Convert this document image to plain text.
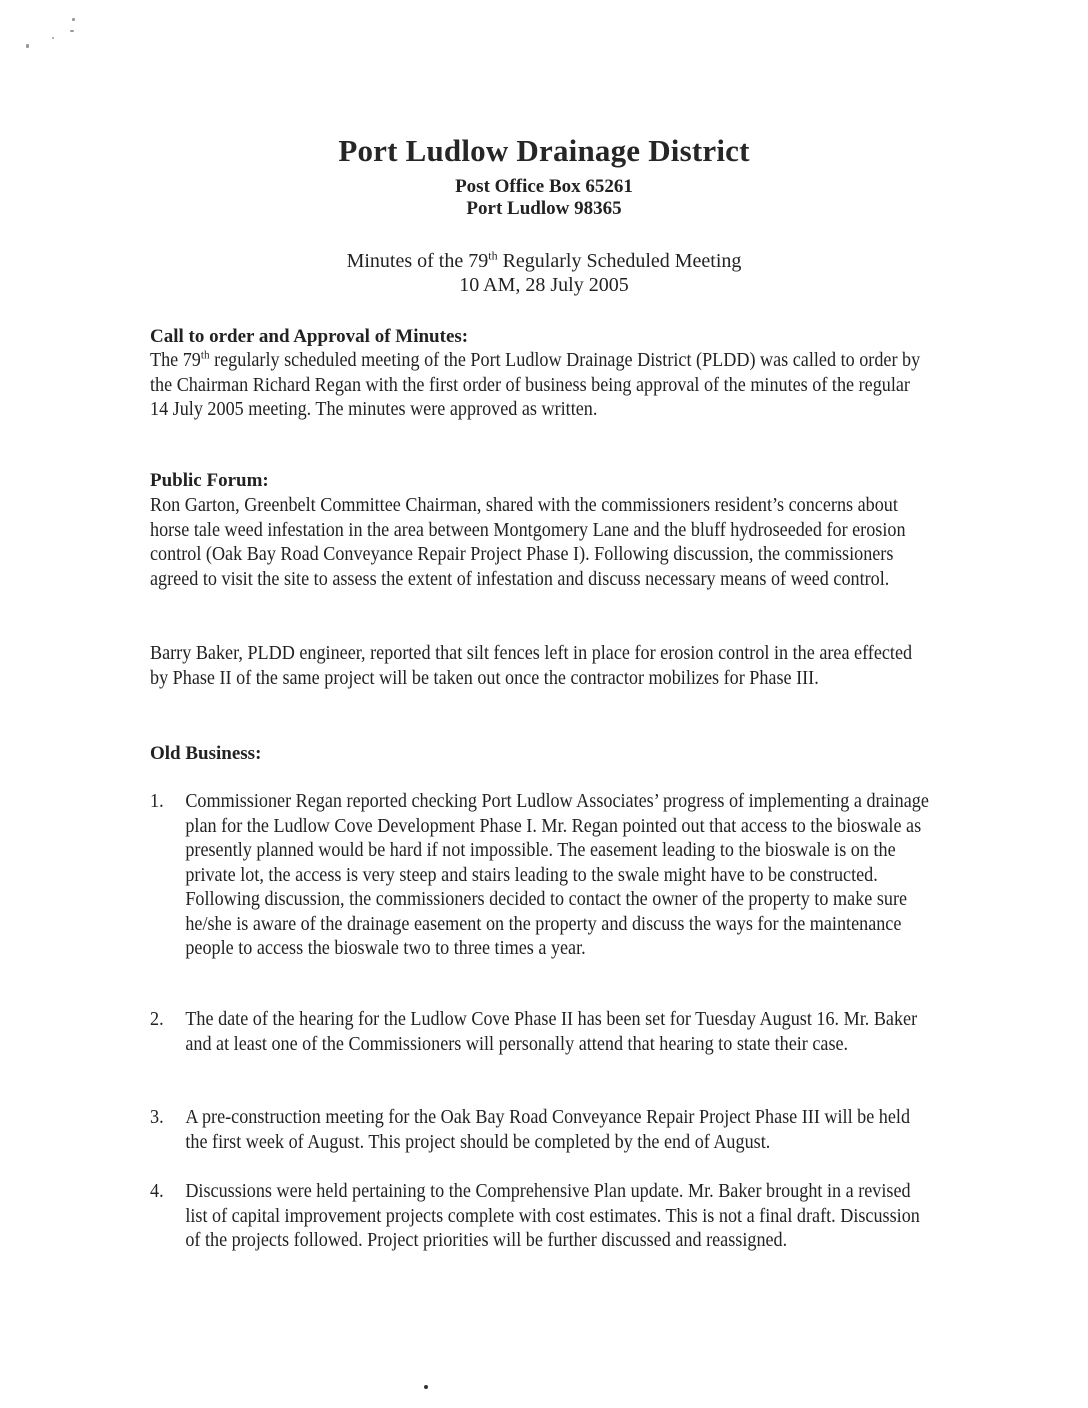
Port Ludlow Drainage District
Post Office Box 65261
Port Ludlow 98365
Minutes of the 79th Regularly Scheduled Meeting
10 AM, 28 July 2005
Call to order and Approval of Minutes:
The 79th regularly scheduled meeting of the Port Ludlow Drainage District (PLDD) was called to order by the Chairman Richard Regan with the first order of business being approval of the minutes of the regular 14 July 2005 meeting. The minutes were approved as written.
Public Forum:
Ron Garton, Greenbelt Committee Chairman, shared with the commissioners resident’s concerns about horse tale weed infestation in the area between Montgomery Lane and the bluff hydroseeded for erosion control (Oak Bay Road Conveyance Repair Project Phase I). Following discussion, the commissioners agreed to visit the site to assess the extent of infestation and discuss necessary means of weed control.
Barry Baker, PLDD engineer, reported that silt fences left in place for erosion control in the area effected by Phase II of the same project will be taken out once the contractor mobilizes for Phase III.
Old Business:
1. Commissioner Regan reported checking Port Ludlow Associates’ progress of implementing a drainage plan for the Ludlow Cove Development Phase I. Mr. Regan pointed out that access to the bioswale as presently planned would be hard if not impossible. The easement leading to the bioswale is on the private lot, the access is very steep and stairs leading to the swale might have to be constructed. Following discussion, the commissioners decided to contact the owner of the property to make sure he/she is aware of the drainage easement on the property and discuss the ways for the maintenance people to access the bioswale two to three times a year.
2. The date of the hearing for the Ludlow Cove Phase II has been set for Tuesday August 16. Mr. Baker and at least one of the Commissioners will personally attend that hearing to state their case.
3. A pre-construction meeting for the Oak Bay Road Conveyance Repair Project Phase III will be held the first week of August. This project should be completed by the end of August.
4. Discussions were held pertaining to the Comprehensive Plan update. Mr. Baker brought in a revised list of capital improvement projects complete with cost estimates. This is not a final draft. Discussion of the projects followed. Project priorities will be further discussed and reassigned.
